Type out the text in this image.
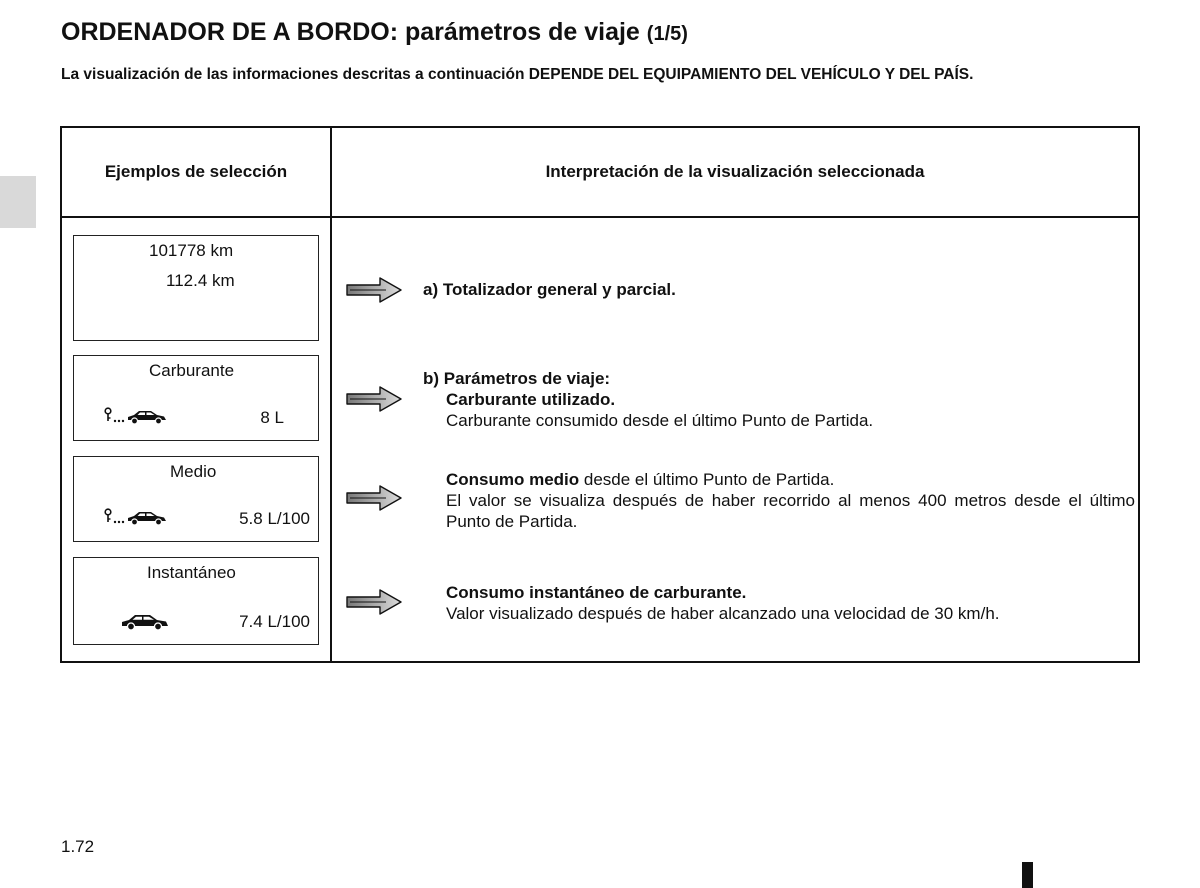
ORDENADOR DE A BORDO: parámetros de viaje (1/5)

La visualización de las informaciones descritas a continuación DEPENDE DEL EQUIPAMIENTO DEL VEHÍCULO Y DEL PAÍS.

Ejemplos de selección	Interpretación de la visualización seleccionada
101778 km
112.4 km
Carburante
8 L
Medio
5.8 L/100
Instantáneo
7.4 L/100
a) Totalizador general y parcial.
b) Parámetros de viaje:
Carburante utilizado.
Carburante consumido desde el último Punto de Partida.
Consumo medio desde el último Punto de Partida.
El valor se visualiza después de haber recorrido al menos 400 metros desde el último Punto de Partida.
Consumo instantáneo de carburante.
Valor visualizado después de haber alcanzado una velocidad de 30 km/h.
1.72
